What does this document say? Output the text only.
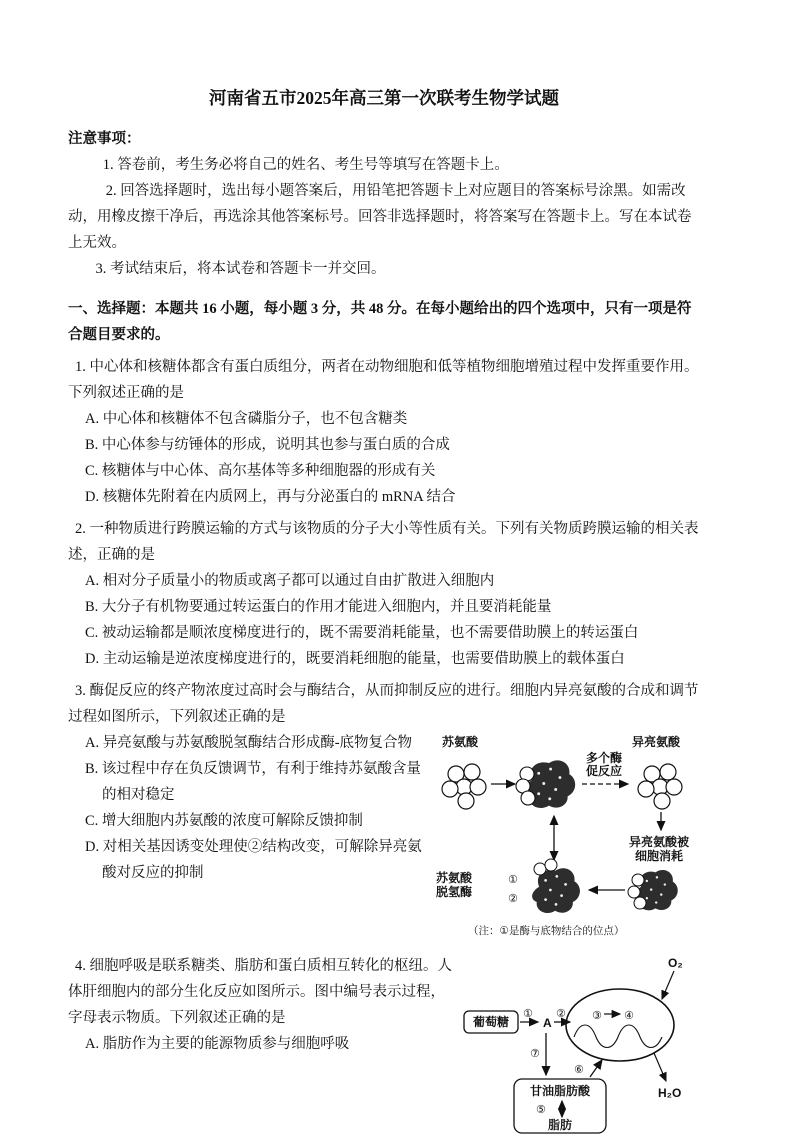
河南省五市2025年高三第一次联考生物学试题

注意事项：

1. 答卷前，考生务必将自己的姓名、考生号等填写在答题卡上。

2. 回答选择题时，选出每小题答案后，用铅笔把答题卡上对应题目的答案标号涂黑。如需改动，用橡皮擦干净后，再选涂其他答案标号。回答非选择题时，将答案写在答题卡上。写在本试卷上无效。

3. 考试结束后，将本试卷和答题卡一并交回。

一、选择题：本题共 16 小题，每小题 3 分，共 48 分。在每小题给出的四个选项中，只有一项是符合题目要求的。

1. 中心体和核糖体都含有蛋白质组分，两者在动物细胞和低等植物细胞增殖过程中发挥重要作用。下列叙述正确的是

A. 中心体和核糖体不包含磷脂分子，也不包含糖类

B. 中心体参与纺锤体的形成，说明其也参与蛋白质的合成

C. 核糖体与中心体、高尔基体等多种细胞器的形成有关

D. 核糖体先附着在内质网上，再与分泌蛋白的 mRNA 结合

2. 一种物质进行跨膜运输的方式与该物质的分子大小等性质有关。下列有关物质跨膜运输的相关表述，正确的是

A. 相对分子质量小的物质或离子都可以通过自由扩散进入细胞内

B. 大分子有机物要通过转运蛋白的作用才能进入细胞内，并且要消耗能量

C. 被动运输都是顺浓度梯度进行的，既不需要消耗能量，也不需要借助膜上的转运蛋白

D. 主动运输是逆浓度梯度进行的，既要消耗细胞的能量，也需要借助膜上的载体蛋白

3. 酶促反应的终产物浓度过高时会与酶结合，从而抑制反应的进行。细胞内异亮氨酸的合成和调节过程如图所示，下列叙述正确的是

苏氨酸
多个酶
促反应
异亮氨酸
异亮氨酸被
细胞消耗
苏氨酸
脱氢酶
①
②
（注：①是酶与底物结合的位点）

A. 异亮氨酸与苏氨酸脱氢酶结合形成酶-底物复合物

B. 该过程中存在负反馈调节，有利于维持苏氨酸含量的相对稳定

C. 增大细胞内苏氨酸的浓度可解除反馈抑制

D. 对相关基因诱变处理使②结构改变，可解除异亮氨酸对反应的抑制

葡萄糖
①
A
② ③ ④
O₂
H₂O
⑦
⑥
甘油脂肪酸
⑤
脂肪

4. 细胞呼吸是联系糖类、脂肪和蛋白质相互转化的枢纽。人体肝细胞内的部分生化反应如图所示。图中编号表示过程，字母表示物质。下列叙述正确的是

A. 脂肪作为主要的能源物质参与细胞呼吸
